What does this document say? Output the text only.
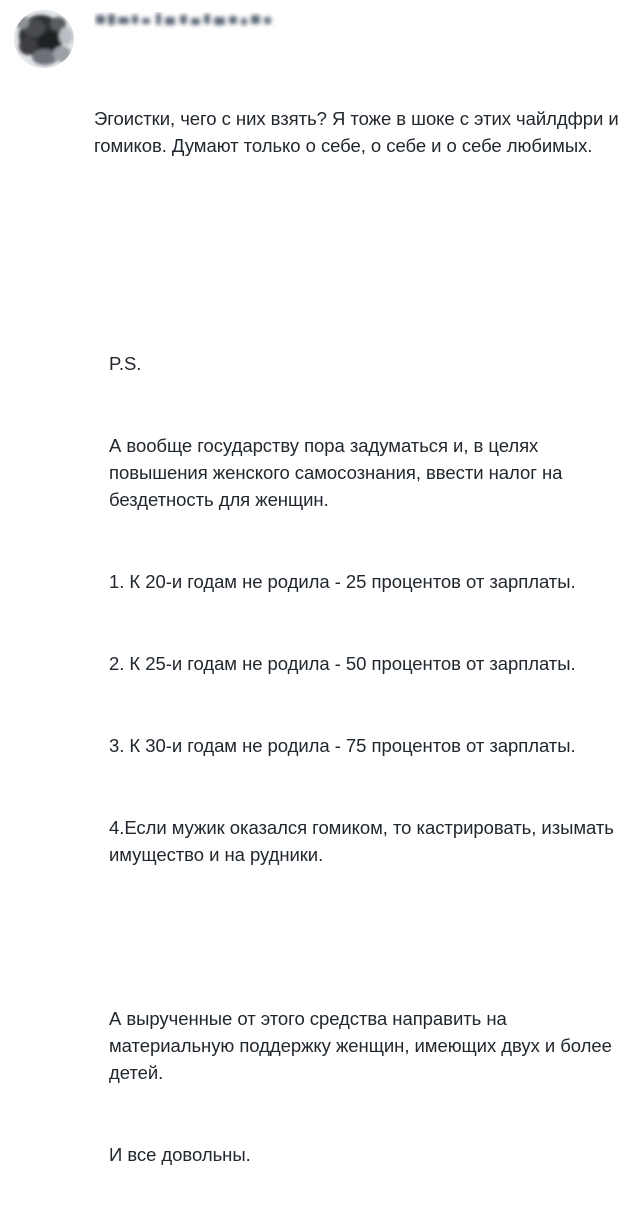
Эгоистки, чего с них взять? Я тоже в шоке с этих чайлдфри и гомиков. Думают только о себе, о себе и о себе любимых.

P.S.

А вообще государству пора задуматься и, в целях повышения женского самосознания, ввести налог на бездетность для женщин.

1. К 20-и годам не родила - 25 процентов от зарплаты.

2. К 25-и годам не родила - 50 процентов от зарплаты.

3. К 30-и годам не родила - 75 процентов от зарплаты.

4.Если мужик оказался гомиком, то кастрировать, изымать имущество и на рудники.

А вырученные от этого средства направить на материальную поддержку женщин, имеющих двух и более детей.

И все довольны.
